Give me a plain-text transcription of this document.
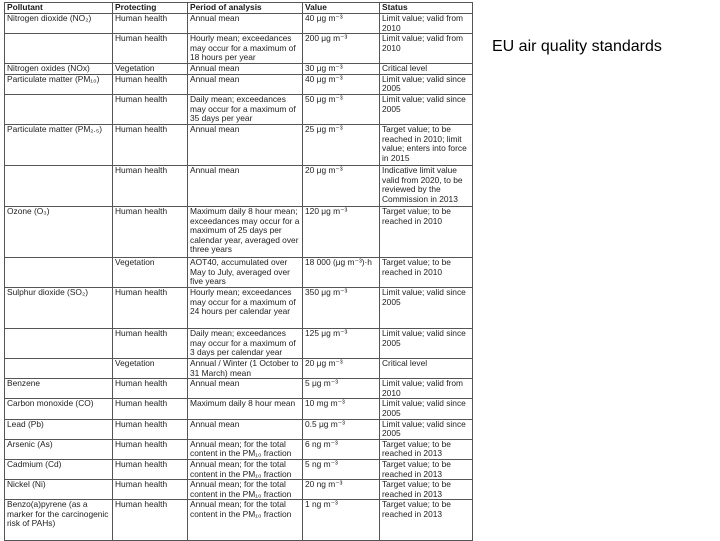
EU air quality standards
Pollutant	Protecting	Period of analysis	Value	Status
Nitrogen dioxide (NO₂)	Human health	Annual mean	40 μg m⁻³	Limit value; valid from 2010
	Human health	Hourly mean; exceedances may occur for a maximum of 18 hours per year	200 μg m⁻³	Limit value; valid from 2010
Nitrogen oxides (NOx)	Vegetation	Annual mean	30 μg m⁻³	Critical level
Particulate matter (PM₁₀)	Human health	Annual mean	40 μg m⁻³	Limit value; valid since 2005
	Human health	Daily mean; exceedances may occur for a maximum of 35 days per year	50 μg m⁻³	Limit value; valid since 2005
Particulate matter (PM₂.₅)	Human health	Annual mean	25 μg m⁻³	Target value; to be reached in 2010; limit value; enters into force in 2015
	Human health	Annual mean	20 μg m⁻³	Indicative limit value valid from 2020, to be reviewed by the Commission in 2013
Ozone (O₃)	Human health	Maximum daily 8 hour mean; exceedances may occur for a maximum of 25 days per calendar year, averaged over three years	120 μg m⁻³	Target value; to be reached in 2010
	Vegetation	AOT40, accumulated over May to July, averaged over five years	18 000 (μg m⁻³)·h	Target value; to be reached in 2010
Sulphur dioxide (SO₂)	Human health	Hourly mean; exceedances may occur for a maximum of 24 hours per calendar year	350 μg m⁻³	Limit value; valid since 2005
	Human health	Daily mean; exceedances may occur for a maximum of 3 days per calendar year	125 μg m⁻³	Limit value; valid since 2005
	Vegetation	Annual / Winter (1 October to 31 March) mean	20 μg m⁻³	Critical level
Benzene	Human health	Annual mean	5 μg m⁻³	Limit value; valid from 2010
Carbon monoxide (CO)	Human health	Maximum daily 8 hour mean	10 mg m⁻³	Limit value; valid since 2005
Lead (Pb)	Human health	Annual mean	0.5 μg m⁻³	Limit value; valid since 2005
Arsenic (As)	Human health	Annual mean; for the total content in the PM₁₀ fraction	6 ng m⁻³	Target value; to be reached in 2013
Cadmium (Cd)	Human health	Annual mean; for the total content in the PM₁₀ fraction	5 ng m⁻³	Target value; to be reached in 2013
Nickel (Ni)	Human health	Annual mean; for the total content in the PM₁₀ fraction	20 ng m⁻³	Target value; to be reached in 2013
Benzo(a)pyrene (as a marker for the carcinogenic risk of PAHs)	Human health	Annual mean; for the total content in the PM₁₀ fraction	1 ng m⁻³	Target value; to be reached in 2013
